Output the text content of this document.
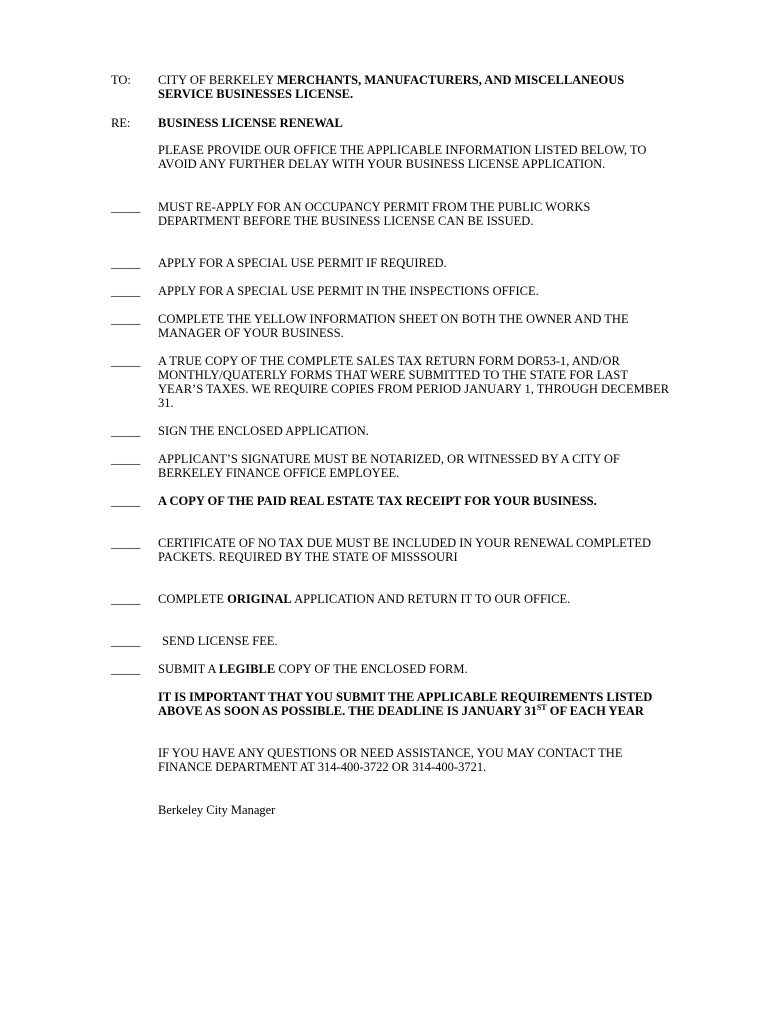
TO:	CITY OF BERKELEY MERCHANTS, MANUFACTURERS, AND MISCELLANEOUS SERVICE BUSINESSES LICENSE.
RE:	BUSINESS LICENSE RENEWAL
PLEASE PROVIDE OUR OFFICE THE APPLICABLE INFORMATION LISTED BELOW, TO AVOID ANY FURTHER DELAY WITH YOUR BUSINESS LICENSE APPLICATION.
_____	MUST RE-APPLY FOR AN OCCUPANCY PERMIT FROM THE PUBLIC WORKS DEPARTMENT BEFORE THE BUSINESS LICENSE CAN BE ISSUED.
_____	APPLY FOR A SPECIAL USE PERMIT IF REQUIRED.
_____	APPLY FOR A SPECIAL USE PERMIT IN THE INSPECTIONS OFFICE.
_____	COMPLETE THE YELLOW INFORMATION SHEET ON BOTH THE OWNER AND THE MANAGER OF YOUR BUSINESS.
_____	A TRUE COPY OF THE COMPLETE SALES TAX RETURN FORM DOR53-1, AND/OR MONTHLY/QUATERLY FORMS THAT WERE SUBMITTED TO THE STATE FOR LAST YEAR’S TAXES. WE REQUIRE COPIES FROM PERIOD JANUARY 1, THROUGH DECEMBER 31.
_____	SIGN THE ENCLOSED APPLICATION.
_____	APPLICANT’S SIGNATURE MUST BE NOTARIZED, OR WITNESSED BY A CITY OF BERKELEY FINANCE OFFICE EMPLOYEE.
_____	A COPY OF THE PAID REAL ESTATE TAX RECEIPT FOR YOUR BUSINESS.
_____	CERTIFICATE OF NO TAX DUE MUST BE INCLUDED IN YOUR RENEWAL COMPLETED PACKETS. REQUIRED BY THE STATE OF MISSSOURI
_____	COMPLETE ORIGINAL APPLICATION AND RETURN IT TO OUR OFFICE.
_____	SEND LICENSE FEE.
_____	SUBMIT A LEGIBLE COPY OF THE ENCLOSED FORM.
IT IS IMPORTANT THAT YOU SUBMIT THE APPLICABLE REQUIREMENTS LISTED ABOVE AS SOON AS POSSIBLE. THE DEADLINE IS JANUARY 31ST OF EACH YEAR
IF YOU HAVE ANY QUESTIONS OR NEED ASSISTANCE, YOU MAY CONTACT THE FINANCE DEPARTMENT AT 314-400-3722 OR 314-400-3721.
Berkeley City Manager
